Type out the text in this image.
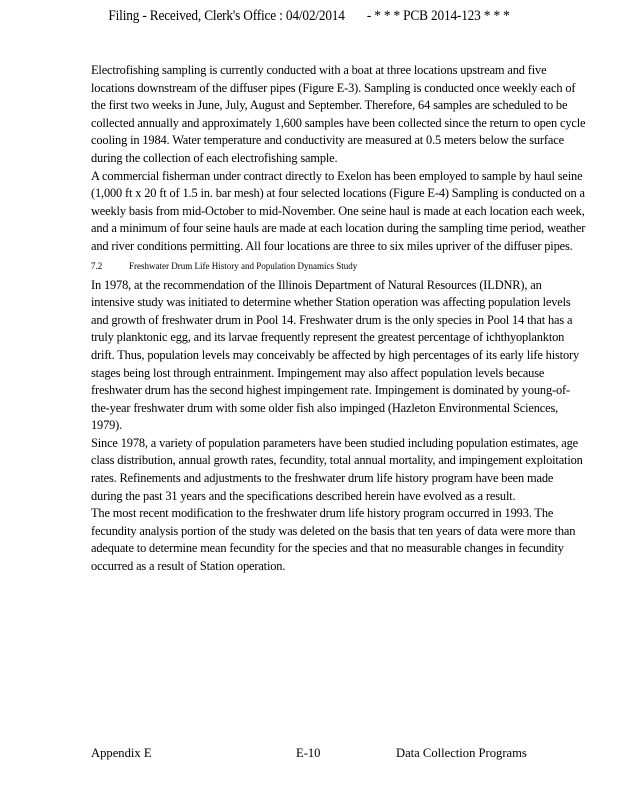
Filing - Received, Clerk's Office : 04/02/2014 - * * * PCB 2014-123 * * *

Electrofishing sampling is currently conducted with a boat at three locations upstream and five locations downstream of the diffuser pipes (Figure E-3). Sampling is conducted once weekly each of the first two weeks in June, July, August and September. Therefore, 64 samples are scheduled to be collected annually and approximately 1,600 samples have been collected since the return to open cycle cooling in 1984. Water temperature and conductivity are measured at 0.5 meters below the surface during the collection of each electrofishing sample.

A commercial fisherman under contract directly to Exelon has been employed to sample by haul seine (1,000 ft x 20 ft of 1.5 in. bar mesh) at four selected locations (Figure E-4) Sampling is conducted on a weekly basis from mid-October to mid-November. One seine haul is made at each location each week, and a minimum of four seine hauls are made at each location during the sampling time period, weather and river conditions permitting. All four locations are three to six miles upriver of the diffuser pipes.

7.2	Freshwater Drum Life History and Population Dynamics Study

In 1978, at the recommendation of the Illinois Department of Natural Resources (ILDNR), an intensive study was initiated to determine whether Station operation was affecting population levels and growth of freshwater drum in Pool 14. Freshwater drum is the only species in Pool 14 that has a truly planktonic egg, and its larvae frequently represent the greatest percentage of ichthyoplankton drift. Thus, population levels may conceivably be affected by high percentages of its early life history stages being lost through entrainment. Impingement may also affect population levels because freshwater drum has the second highest impingement rate. Impingement is dominated by young-of-the-year freshwater drum with some older fish also impinged (Hazleton Environmental Sciences, 1979).

Since 1978, a variety of population parameters have been studied including population estimates, age class distribution, annual growth rates, fecundity, total annual mortality, and impingement exploitation rates. Refinements and adjustments to the freshwater drum life history program have been made during the past 31 years and the specifications described herein have evolved as a result.

The most recent modification to the freshwater drum life history program occurred in 1993. The fecundity analysis portion of the study was deleted on the basis that ten years of data were more than adequate to determine mean fecundity for the species and that no measurable changes in fecundity occurred as a result of Station operation.

Appendix E	E-10	Data Collection Programs
